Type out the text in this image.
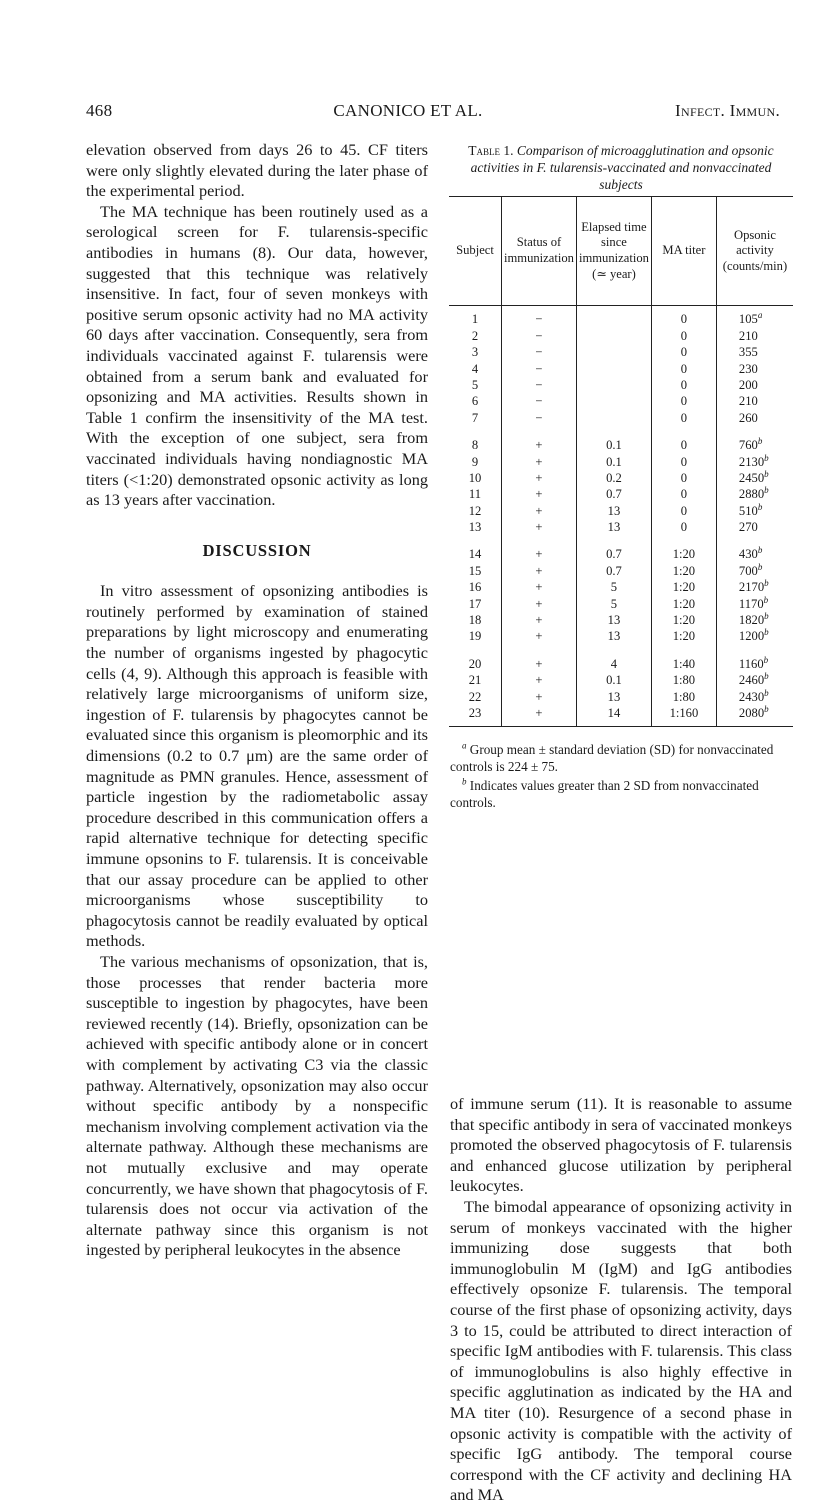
468	CANONICO ET AL.	Infect. Immun.

elevation observed from days 26 to 45. CF titers were only slightly elevated during the later phase of the experimental period.

The MA technique has been routinely used as a serological screen for F. tularensis-specific antibodies in humans (8). Our data, however, suggested that this technique was relatively insensitive. In fact, four of seven monkeys with positive serum opsonic activity had no MA activity 60 days after vaccination. Consequently, sera from individuals vaccinated against F. tularensis were obtained from a serum bank and evaluated for opsonizing and MA activities. Results shown in Table 1 confirm the insensitivity of the MA test. With the exception of one subject, sera from vaccinated individuals having nondiagnostic MA titers (<1:20) demonstrated opsonic activity as long as 13 years after vaccination.

DISCUSSION

In vitro assessment of opsonizing antibodies is routinely performed by examination of stained preparations by light microscopy and enumerating the number of organisms ingested by phagocytic cells (4, 9). Although this approach is feasible with relatively large microorganisms of uniform size, ingestion of F. tularensis by phagocytes cannot be evaluated since this organism is pleomorphic and its dimensions (0.2 to 0.7 μm) are the same order of magnitude as PMN granules. Hence, assessment of particle ingestion by the radiometabolic assay procedure described in this communication offers a rapid alternative technique for detecting specific immune opsonins to F. tularensis. It is conceivable that our assay procedure can be applied to other microorganisms whose susceptibility to phagocytosis cannot be readily evaluated by optical methods.

The various mechanisms of opsonization, that is, those processes that render bacteria more susceptible to ingestion by phagocytes, have been reviewed recently (14). Briefly, opsonization can be achieved with specific antibody alone or in concert with complement by activating C3 via the classic pathway. Alternatively, opsonization may also occur without specific antibody by a nonspecific mechanism involving complement activation via the alternate pathway. Although these mechanisms are not mutually exclusive and may operate concurrently, we have shown that phagocytosis of F. tularensis does not occur via activation of the alternate pathway since this organism is not ingested by peripheral leukocytes in the absence

Table 1. Comparison of microagglutination and opsonic activities in F. tularensis-vaccinated and nonvaccinated subjects
Subject	Status of immunization	Elapsed time since immunization (≃ year)	MA titer	Opsonic activity (counts/min)
1	−		0	105$^a$
2	−		0	210
3	−		0	355
4	−		0	230
5	−		0	200
6	−		0	210
7	−		0	260
8	+	0.1	0	760$^b$
9	+	0.1	0	2130$^b$
10	+	0.2	0	2450$^b$
11	+	0.7	0	2880$^b$
12	+	13	0	510$^b$
13	+	13	0	270
14	+	0.7	1:20	430$^b$
15	+	0.7	1:20	700$^b$
16	+	5	1:20	2170$^b$
17	+	5	1:20	1170$^b$
18	+	13	1:20	1820$^b$
19	+	13	1:20	1200$^b$
20	+	4	1:40	1160$^b$
21	+	0.1	1:80	2460$^b$
22	+	13	1:80	2430$^b$
23	+	14	1:160	2080$^b$

$^a$ Group mean ± standard deviation (SD) for nonvaccinated controls is 224 ± 75.

$^b$ Indicates values greater than 2 SD from nonvaccinated controls.

of immune serum (11). It is reasonable to assume that specific antibody in sera of vaccinated monkeys promoted the observed phagocytosis of F. tularensis and enhanced glucose utilization by peripheral leukocytes.

The bimodal appearance of opsonizing activity in serum of monkeys vaccinated with the higher immunizing dose suggests that both immunoglobulin M (IgM) and IgG antibodies effectively opsonize F. tularensis. The temporal course of the first phase of opsonizing activity, days 3 to 15, could be attributed to direct interaction of specific IgM antibodies with F. tularensis. This class of immunoglobulins is also highly effective in specific agglutination as indicated by the HA and MA titer (10). Resurgence of a second phase in opsonic activity is compatible with the activity of specific IgG antibody. The temporal course correspond with the CF activity and declining HA and MA
